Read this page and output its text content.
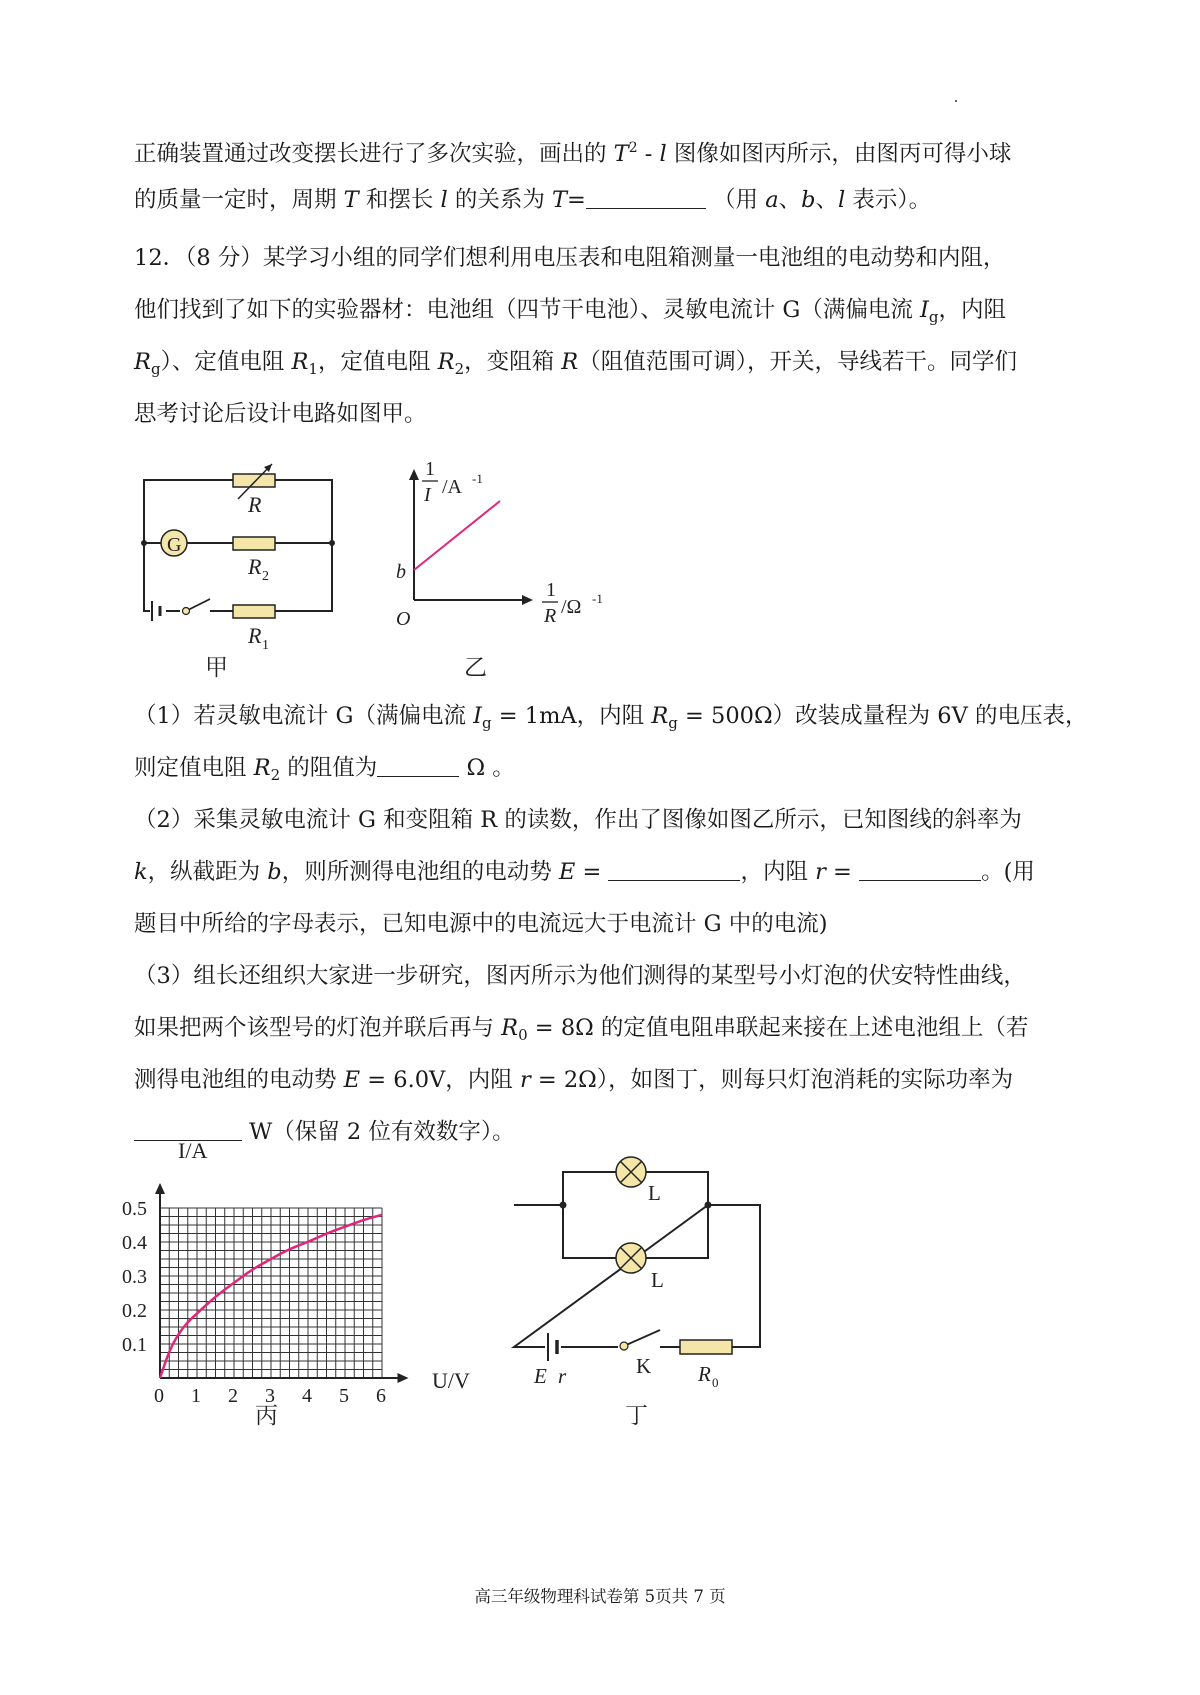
正确装置通过改变摆长进行了多次实验，画出的 $T^2$ - l 图像如图丙所示，由图丙可得小球
的质量一定时，周期 T 和摆长 l 的关系为 T=	（用 a、b、l 表示）。
12．（8 分）某学习小组的同学们想利用电压表和电阻箱测量一电池组的电动势和内阻，
他们找到了如下的实验器材：电池组（四节干电池）、灵敏电流计 G（满偏电流 $I_g$，内阻
$R_g$）、定值电阻 $R_1$，定值电阻 $R_2$，变阻箱 R（阻值范围可调），开关，导线若干。同学们
思考讨论后设计电路如图甲。
R
G
R 2
R 1
甲
1
I /A -1
b
O
1
R /Ω -1
乙
（1）若灵敏电流计 G（满偏电流 $I_g = 1mA$，内阻 $R_g = 500\Omega$）改装成量程为 6V 的电压表，
则定值电阻 $R_2$ 的阻值为	Ω 。
（2）采集灵敏电流计 G 和变阻箱 R 的读数，作出了图像如图乙所示，已知图线的斜率为
k，纵截距为 b，则所测得电池组的电动势 E =	，内阻 r =	。(用
题目中所给的字母表示，已知电源中的电流远大于电流计 G 中的电流)
（3）组长还组织大家进一步研究，图丙所示为他们测得的某型号小灯泡的伏安特性曲线，
如果把两个该型号的灯泡并联后再与 $R_0 = 8\Omega$ 的定值电阻串联起来接在上述电池组上（若
测得电池组的电动势 E = 6.0V，内阻 r = 2Ω），如图丁，则每只灯泡消耗的实际功率为
W（保留 2 位有效数字）。
0 1 2 3 4 5 6
0.1
0.2
0.3
0.4
0.5
I/A
U/V
丙
L
L
E r	K R 0
丁
高三年级物理科试卷第 5页共 7 页
